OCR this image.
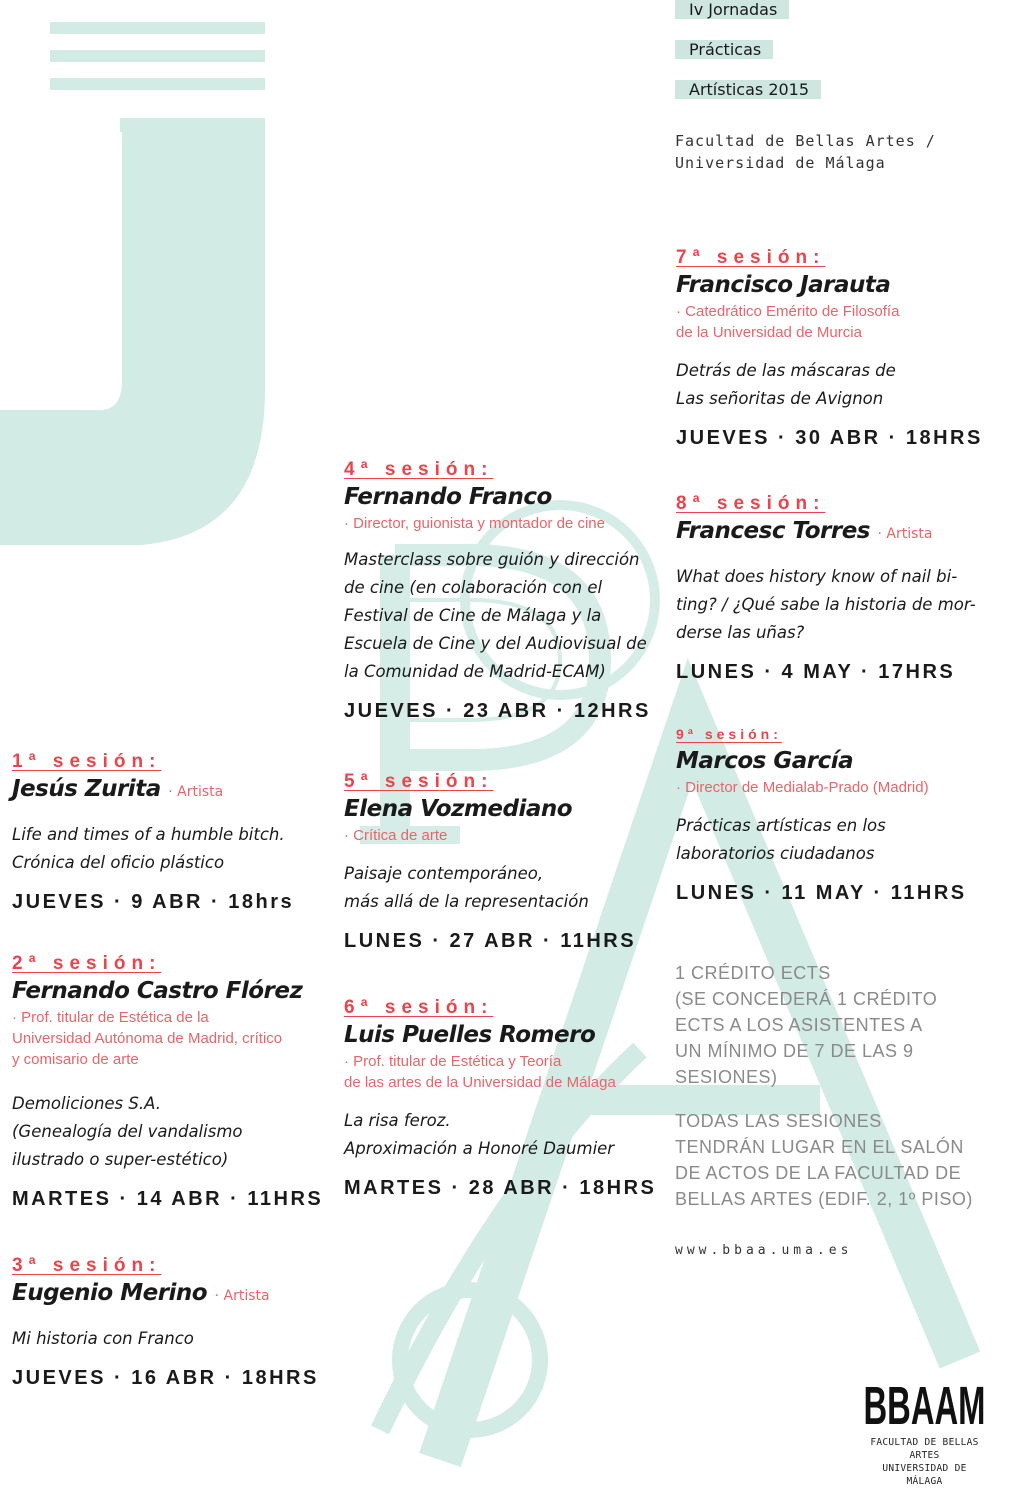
Iv Jornadas
Prácticas
Artísticas 2015
Facultad de Bellas Artes /
Universidad de Málaga
1ª sesión:
Jesús Zurita · Artista
Life and times of a humble bitch.
Crónica del oficio plástico
JUEVES · 9 ABR · 18hrs
2ª sesión:
Fernando Castro Flórez
· Prof. titular de Estética de la
Universidad Autónoma de Madrid, crítico
y comisario de arte
Demoliciones S.A.
(Genealogía del vandalismo
ilustrado o super-estético)
MARTES · 14 ABR · 11HRS
3ª sesión:
Eugenio Merino · Artista
Mi historia con Franco
JUEVES · 16 ABR · 18HRS
4ª sesión:
Fernando Franco
· Director, guionista y montador de cine
Masterclass sobre guión y dirección
de cine (en colaboración con el
Festival de Cine de Málaga y la
Escuela de Cine y del Audiovisual de
la Comunidad de Madrid-ECAM)
JUEVES · 23 ABR · 12HRS
5ª sesión:
Elena Vozmediano
· Crítica de arte
Paisaje contemporáneo,
más allá de la representación
LUNES · 27 ABR · 11HRS
6ª sesión:
Luis Puelles Romero
· Prof. titular de Estética y Teoría
de las artes de la Universidad de Málaga
La risa feroz.
Aproximación a Honoré Daumier
MARTES · 28 ABR · 18HRS
7ª sesión:
Francisco Jarauta
· Catedrático Emérito de Filosofía
de la Universidad de Murcia
Detrás de las máscaras de
Las señoritas de Avignon
JUEVES · 30 ABR · 18HRS
8ª sesión:
Francesc Torres · Artista
What does history know of nail bi-
ting? / ¿Qué sabe la historia de mor-
derse las uñas?
LUNES · 4 MAY · 17HRS
9ª sesión:
Marcos García
· Director de Medialab-Prado (Madrid)
Prácticas artísticas en los
laboratorios ciudadanos
LUNES · 11 MAY · 11HRS

1 CRÉDITO ECTS
(SE CONCEDERÁ 1 CRÉDITO
ECTS A LOS ASISTENTES A
UN MÍNIMO DE 7 DE LAS 9
SESIONES)

TODAS LAS SESIONES
TENDRÁN LUGAR EN EL SALÓN
DE ACTOS DE LA FACULTAD DE
BELLAS ARTES (EDIF. 2, 1º PISO)

www.bbaa.uma.es
BBAAM
FACULTAD DE BELLAS ARTES
UNIVERSIDAD DE MÁLAGA
